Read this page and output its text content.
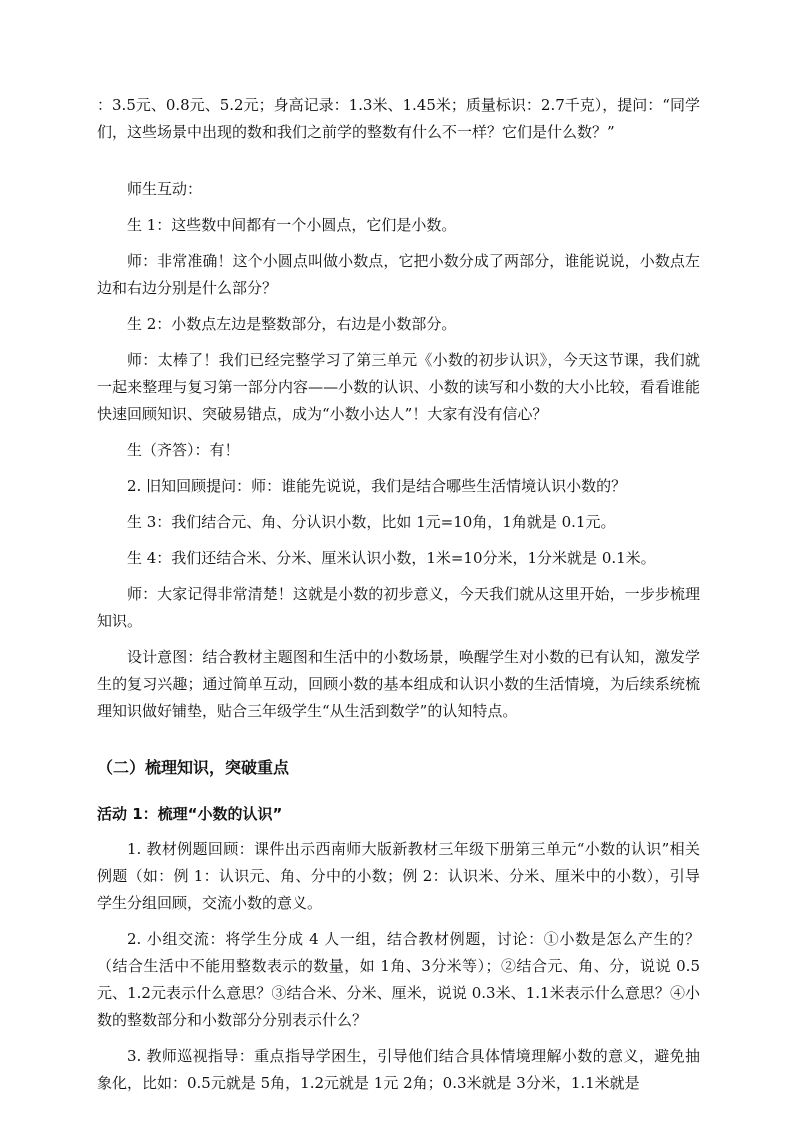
：3.5元、0.8元、5.2元；身高记录：1.3米、1.45米；质量标识：2.7千克），提问：“同学们，这些场景中出现的数和我们之前学的整数有什么不一样？它们是什么数？”

师生互动：

生 1：这些数中间都有一个小圆点，它们是小数。

师：非常准确！这个小圆点叫做小数点，它把小数分成了两部分，谁能说说，小数点左边和右边分别是什么部分？

生 2：小数点左边是整数部分，右边是小数部分。

师：太棒了！我们已经完整学习了第三单元《小数的初步认识》，今天这节课，我们就一起来整理与复习第一部分内容——小数的认识、小数的读写和小数的大小比较，看看谁能快速回顾知识、突破易错点，成为“小数小达人”！大家有没有信心？

生（齐答）：有！

2. 旧知回顾提问：师：谁能先说说，我们是结合哪些生活情境认识小数的？

生 3：我们结合元、角、分认识小数，比如 1元=10角，1角就是 0.1元。

生 4：我们还结合米、分米、厘米认识小数，1米=10分米，1分米就是 0.1米。

师：大家记得非常清楚！这就是小数的初步意义，今天我们就从这里开始，一步步梳理知识。

设计意图：结合教材主题图和生活中的小数场景，唤醒学生对小数的已有认知，激发学生的复习兴趣；通过简单互动，回顾小数的基本组成和认识小数的生活情境，为后续系统梳理知识做好铺垫，贴合三年级学生“从生活到数学”的认知特点。

（二）梳理知识，突破重点
活动 1：梳理“小数的认识”

1. 教材例题回顾：课件出示西南师大版新教材三年级下册第三单元“小数的认识”相关例题（如：例 1：认识元、角、分中的小数；例 2：认识米、分米、厘米中的小数），引导学生分组回顾，交流小数的意义。

2. 小组交流：将学生分成 4 人一组，结合教材例题，讨论：①小数是怎么产生的？（结合生活中不能用整数表示的数量，如 1角、3分米等）；②结合元、角、分，说说 0.5元、1.2元表示什么意思？③结合米、分米、厘米，说说 0.3米、1.1米表示什么意思？④小数的整数部分和小数部分分别表示什么？

3. 教师巡视指导：重点指导学困生，引导他们结合具体情境理解小数的意义，避免抽象化，比如：0.5元就是 5角，1.2元就是 1元 2角；0.3米就是 3分米，1.1米就是
